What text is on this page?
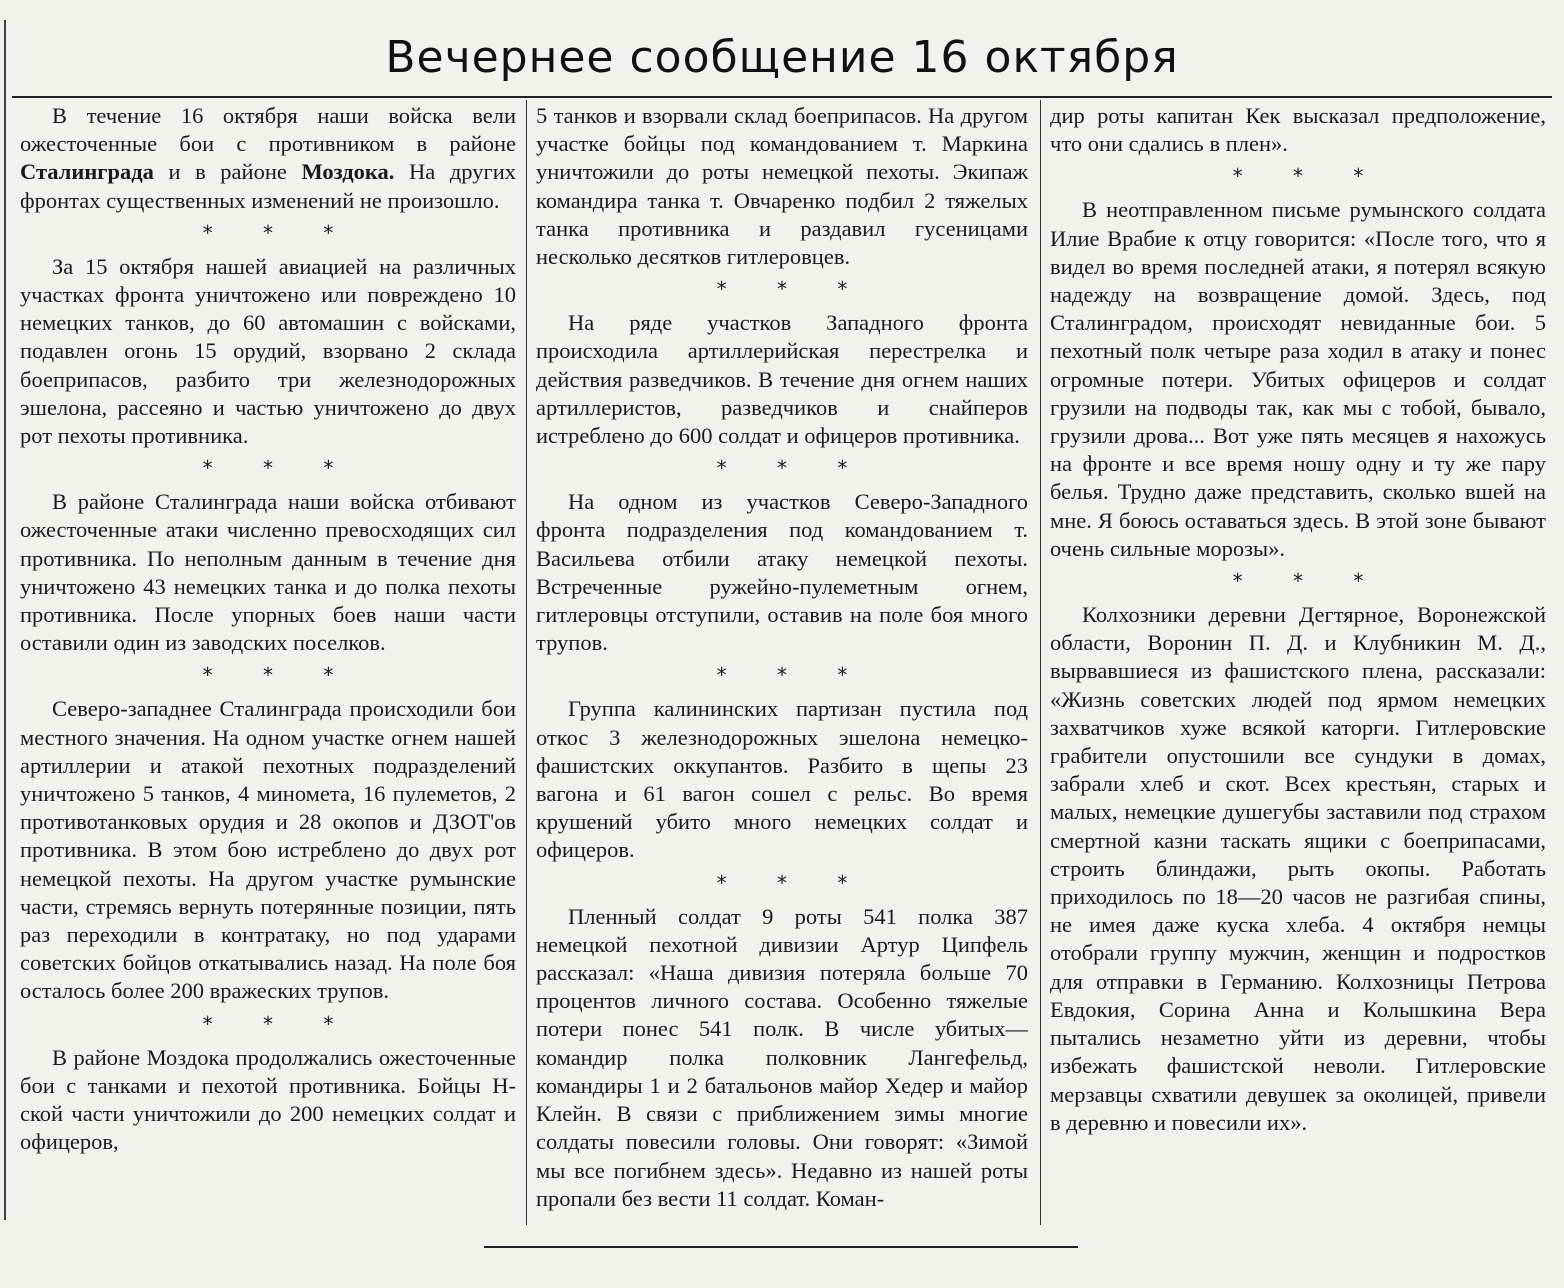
Вечернее сообщение 16 октября

В течение 16 октября наши войска вели ожесточенные бои с противником в районе Сталинграда и в районе Моздока. На других фронтах существенных изменений не произошло.

* * *

За 15 октября нашей авиацией на различных участках фронта уничтожено или повреждено 10 немецких танков, до 60 автомашин с войсками, подавлен огонь 15 орудий, взорвано 2 склада боеприпасов, разбито три железнодорожных эшелона, рассеяно и частью уничтожено до двух рот пехоты противника.

* * *

В районе Сталинграда наши войска отбивают ожесточенные атаки численно превосходящих сил противника. По неполным данным в течение дня уничтожено 43 немецких танка и до полка пехоты противника. После упорных боев наши части оставили один из заводских поселков.

* * *

Северо-западнее Сталинграда происходили бои местного значения. На одном участке огнем нашей артиллерии и атакой пехотных подразделений уничтожено 5 танков, 4 миномета, 16 пулеметов, 2 противотанковых орудия и 28 окопов и ДЗОТ'ов противника. В этом бою истреблено до двух рот немецкой пехоты. На другом участке румынские части, стремясь вернуть потерянные позиции, пять раз переходили в контратаку, но под ударами советских бойцов откатывались назад. На поле боя осталось более 200 вражеских трупов.

* * *

В районе Моздока продолжались ожесточенные бои с танками и пехотой противника. Бойцы Н-ской части уничтожили до 200 немецких солдат и офицеров,

5 танков и взорвали склад боеприпасов. На другом участке бойцы под командованием т. Маркина уничтожили до роты немецкой пехоты. Экипаж командира танка т. Овчаренко подбил 2 тяжелых танка противника и раздавил гусеницами несколько десятков гитлеровцев.

* * *

На ряде участков Западного фронта происходила артиллерийская перестрелка и действия разведчиков. В течение дня огнем наших артиллеристов, разведчиков и снайперов истреблено до 600 солдат и офицеров противника.

* * *

На одном из участков Северо-Западного фронта подразделения под командованием т. Васильева отбили атаку немецкой пехоты. Встреченные ружейно-пулеметным огнем, гитлеровцы отступили, оставив на поле боя много трупов.

* * *

Группа калининских партизан пустила под откос 3 железнодорожных эшелона немецко-фашистских оккупантов. Разбито в щепы 23 вагона и 61 вагон сошел с рельс. Во время крушений убито много немецких солдат и офицеров.

* * *

Пленный солдат 9 роты 541 полка 387 немецкой пехотной дивизии Артур Ципфель рассказал: «Наша дивизия потеряла больше 70 процентов личного состава. Особенно тяжелые потери понес 541 полк. В числе убитых—командир полка полковник Лангефельд, командиры 1 и 2 батальонов майор Хедер и майор Клейн. В связи с приближением зимы многие солдаты повесили головы. Они говорят: «Зимой мы все погибнем здесь». Недавно из нашей роты пропали без вести 11 солдат. Коман-

дир роты капитан Кек высказал предположение, что они сдались в плен».

* * *

В неотправленном письме румынского солдата Илие Врабие к отцу говорится: «После того, что я видел во время последней атаки, я потерял всякую надежду на возвращение домой. Здесь, под Сталинградом, происходят невиданные бои. 5 пехотный полк четыре раза ходил в атаку и понес огромные потери. Убитых офицеров и солдат грузили на подводы так, как мы с тобой, бывало, грузили дрова... Вот уже пять месяцев я нахожусь на фронте и все время ношу одну и ту же пару белья. Трудно даже представить, сколько вшей на мне. Я боюсь оставаться здесь. В этой зоне бывают очень сильные морозы».

* * *

Колхозники деревни Дегтярное, Воронежской области, Воронин П. Д. и Клубникин М. Д., вырвавшиеся из фашистского плена, рассказали: «Жизнь советских людей под ярмом немецких захватчиков хуже всякой каторги. Гитлеровские грабители опустошили все сундуки в домах, забрали хлеб и скот. Всех крестьян, старых и малых, немецкие душегубы заставили под страхом смертной казни таскать ящики с боеприпасами, строить блиндажи, рыть окопы. Работать приходилось по 18—20 часов не разгибая спины, не имея даже куска хлеба. 4 октября немцы отобрали группу мужчин, женщин и подростков для отправки в Германию. Колхозницы Петрова Евдокия, Сорина Анна и Колышкина Вера пытались незаметно уйти из деревни, чтобы избежать фашистской неволи. Гитлеровские мерзавцы схватили девушек за околицей, привели в деревню и повесили их».
